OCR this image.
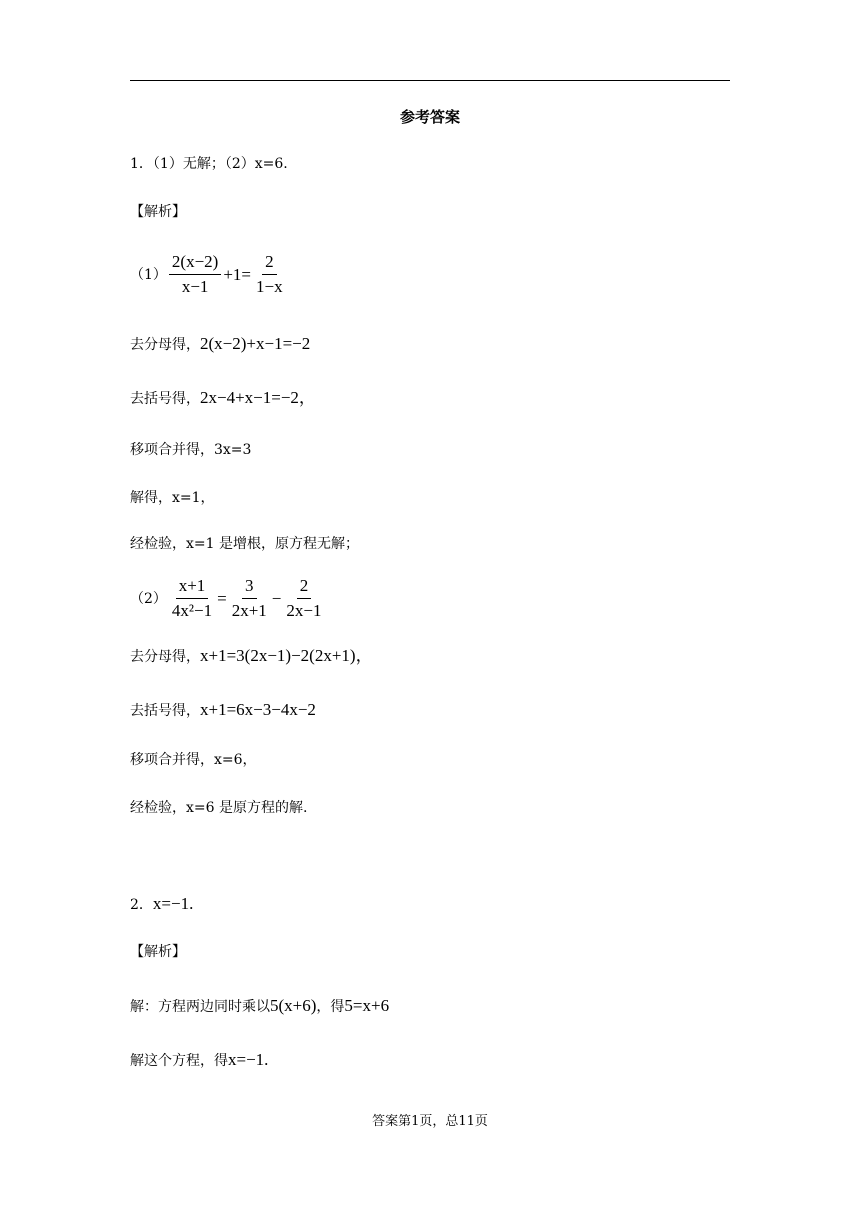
参考答案
1．（1）无解；（2）x=6.
【解析】
$(1) \frac{2(x-2)}{x-1} +1= \frac{2}{1-x}$
去分母得，2(x−2)+x−1=−2
去括号得，2x−4+x−1=−2，
移项合并得，3x=3
解得，x=1，
经检验，x=1 是增根，原方程无解；
$(2) \frac{x+1}{\text{4x²−1}} = \frac{3}{2x+1} - \frac{2}{2x-1}$
去分母得，x+1=3(2x−1)−2(2x+1)，
去括号得，x+1=6x−3−4x−2
移项合并得，x=6，
经检验，x=6 是原方程的解.
2．x=−1.
【解析】
解：方程两边同时乘以5(x+6)，得5=x+6
解这个方程，得x=−1.
答案第1页，总11页
